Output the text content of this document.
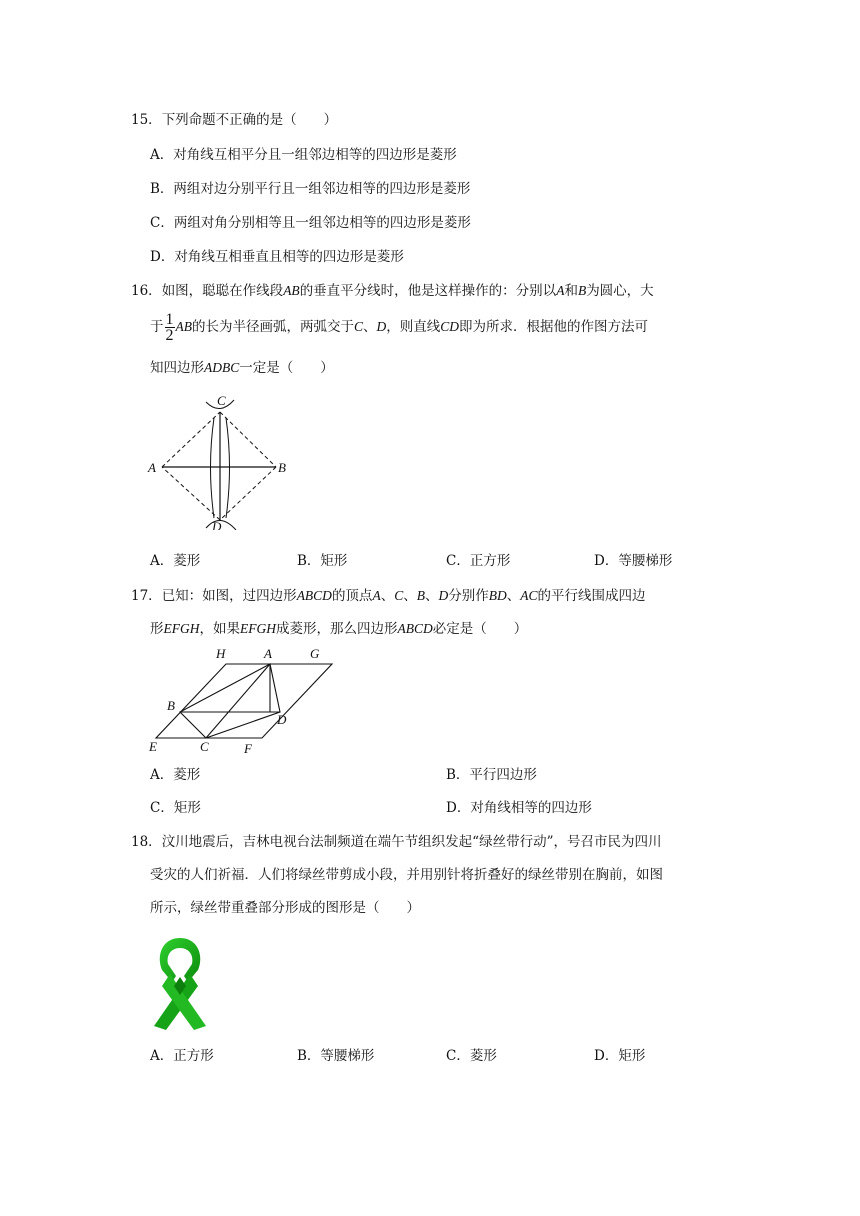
15．下列命题不正确的是（　　）
A．对角线互相平分且一组邻边相等的四边形是菱形
B．两组对边分别平行且一组邻边相等的四边形是菱形
C．两组对角分别相等且一组邻边相等的四边形是菱形
D．对角线互相垂直且相等的四边形是菱形
16．如图，聪聪在作线段AB的垂直平分线时，他是这样操作的：分别以A和B为圆心，大
于 $\frac{1}{2}$ AB的长为半径画弧，两弧交于C、D，则直线CD即为所求．根据他的作图方法可
知四边形ADBC一定是（　　）
C
A	B
D
A．菱形	B．矩形	C．正方形	D．等腰梯形
17．已知：如图，过四边形ABCD的顶点A、C、B、D分别作BD、AC的平行线围成四边
形EFGH，如果EFGH成菱形，那么四边形ABCD必定是（　　）
H	A	G
B
D
E	C	F
A．菱形	B．平行四边形
C．矩形	D．对角线相等的四边形
18．汶川地震后，吉林电视台法制频道在端午节组织发起“绿丝带行动”，号召市民为四川
受灾的人们祈福．人们将绿丝带剪成小段，并用别针将折叠好的绿丝带别在胸前，如图
所示，绿丝带重叠部分形成的图形是（　　）
A．正方形	B．等腰梯形	C．菱形	D．矩形
